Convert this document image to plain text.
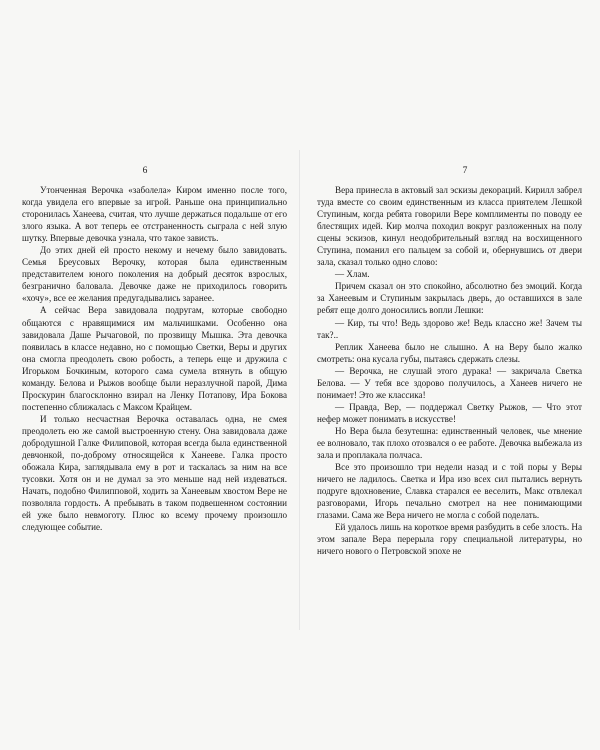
6

Утонченная Верочка «заболела» Киром именно после того, когда увидела его впервые за игрой. Раньше она принципиально сторонилась Ханеева, считая, что лучше держаться подальше от его злого языка. А вот теперь ее отстраненность сыграла с ней злую шутку. Впервые девочка узнала, что такое зависть.

До этих дней ей просто некому и нечему было завидовать. Семья Бреусовых Верочку, которая была единственным представителем юного поколения на добрый десяток взрослых, безгранично баловала. Девочке даже не приходилось говорить «хочу», все ее желания предугадывались заранее.

А сейчас Вера завидовала подругам, которые свободно общаются с нравящимися им мальчишками. Особенно она завидовала Даше Рычаговой, по прозвищу Мышка. Эта девочка появилась в классе недавно, но с помощью Светки, Веры и других она смогла преодолеть свою робость, а теперь еще и дружила с Игорьком Бочкиным, которого сама сумела втянуть в общую команду. Белова и Рыжов вообще были неразлучной парой, Дима Проскурин благосклонно взирал на Ленку Потапову, Ира Бокова постепенно сближалась с Максом Крайцем.

И только несчастная Верочка оставалась одна, не смея преодолеть ею же самой выстроенную стену. Она завидовала даже добродушной Галке Филиповой, которая всегда была единственной девчонкой, по-доброму относящейся к Ханееве. Галка просто обожала Кира, заглядывала ему в рот и таскалась за ним на все тусовки. Хотя он и не думал за это меньше над ней издеваться. Начать, подобно Филипповой, ходить за Ханеевым хвостом Вере не позволяла гордость. А пребывать в таком подвешенном состоянии ей уже было невмоготу. Плюс ко всему прочему произошло следующее событие.

7

Вера принесла в актовый зал эскизы декораций. Кирилл забрел туда вместе со своим единственным из класса приятелем Лешкой Ступиным, когда ребята говорили Вере комплименты по поводу ее блестящих идей. Кир молча походил вокруг разложенных на полу сцены эскизов, кинул неодобрительный взгляд на восхищенного Ступина, поманил его пальцем за собой и, обернувшись от двери зала, сказал только одно слово:

— Хлам.

Причем сказал он это спокойно, абсолютно без эмоций. Когда за Ханеевым и Ступиным закрылась дверь, до оставшихся в зале ребят еще долго доносились вопли Лешки:

— Кир, ты что! Ведь здорово же! Ведь классно же! Зачем ты так?..

Реплик Ханеева было не слышно. А на Веру было жалко смотреть: она кусала губы, пытаясь сдержать слезы.

— Верочка, не слушай этого дурака! — закричала Светка Белова. — У тебя все здорово получилось, а Ханеев ничего не понимает! Это же классика!

— Правда, Вер, — поддержал Светку Рыжов, — Что этот нефер может понимать в искусстве!

Но Вера была безутешна: единственный человек, чье мнение ее волновало, так плохо отозвался о ее работе. Девочка выбежала из зала и проплакала полчаса.

Все это произошло три недели назад и с той поры у Веры ничего не ладилось. Светка и Ира изо всех сил пытались вернуть подруге вдохновение, Славка старался ее веселить, Макс отвлекал разговорами, Игорь печально смотрел на нее понимающими глазами. Сама же Вера ничего не могла с собой поделать.

Ей удалось лишь на короткое время разбудить в себе злость. На этом запале Вера перерыла гору специальной литературы, но ничего нового о Петровской эпохе не
